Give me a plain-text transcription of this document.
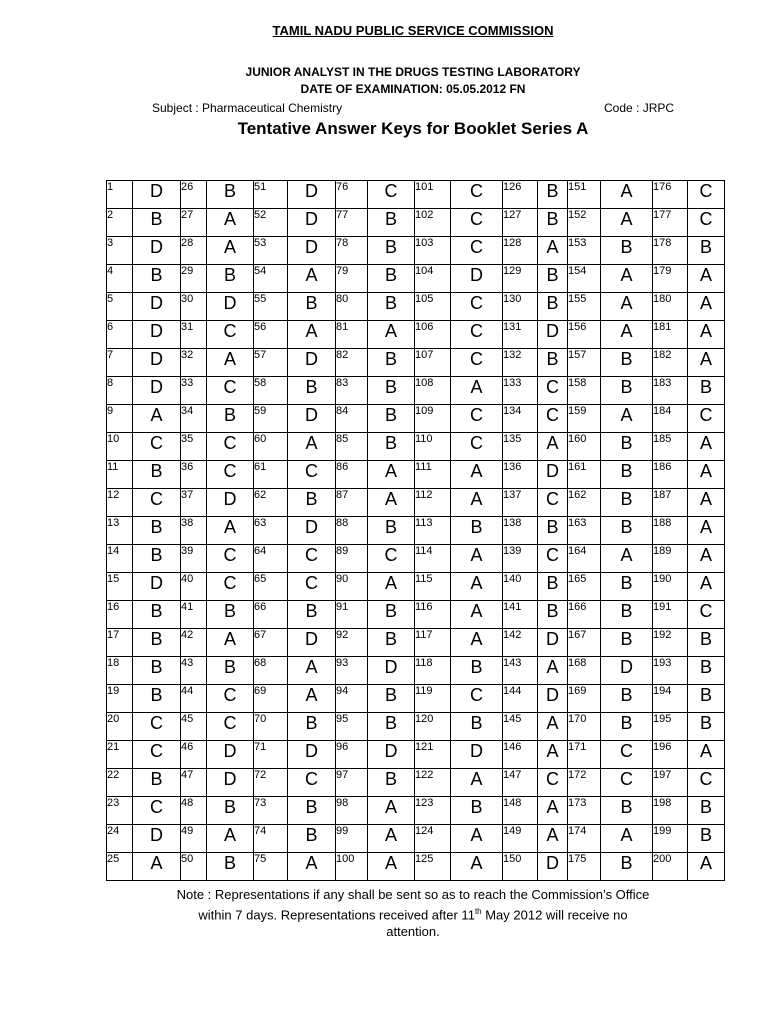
TAMIL NADU PUBLIC SERVICE COMMISSION
JUNIOR ANALYST IN THE DRUGS TESTING LABORATORY
DATE OF EXAMINATION: 05.05.2012 FN
Subject : Pharmaceutical Chemistry	Code : JRPC
Tentative Answer Keys for Booklet Series A
1	D	26	B	51	D	76	C	101	C	126	B	151	A	176	C
2	B	27	A	52	D	77	B	102	C	127	B	152	A	177	C
3	D	28	A	53	D	78	B	103	C	128	A	153	B	178	B
4	B	29	B	54	A	79	B	104	D	129	B	154	A	179	A
5	D	30	D	55	B	80	B	105	C	130	B	155	A	180	A
6	D	31	C	56	A	81	A	106	C	131	D	156	A	181	A
7	D	32	A	57	D	82	B	107	C	132	B	157	B	182	A
8	D	33	C	58	B	83	B	108	A	133	C	158	B	183	B
9	A	34	B	59	D	84	B	109	C	134	C	159	A	184	C
10	C	35	C	60	A	85	B	110	C	135	A	160	B	185	A
11	B	36	C	61	C	86	A	111	A	136	D	161	B	186	A
12	C	37	D	62	B	87	A	112	A	137	C	162	B	187	A
13	B	38	A	63	D	88	B	113	B	138	B	163	B	188	A
14	B	39	C	64	C	89	C	114	A	139	C	164	A	189	A
15	D	40	C	65	C	90	A	115	A	140	B	165	B	190	A
16	B	41	B	66	B	91	B	116	A	141	B	166	B	191	C
17	B	42	A	67	D	92	B	117	A	142	D	167	B	192	B
18	B	43	B	68	A	93	D	118	B	143	A	168	D	193	B
19	B	44	C	69	A	94	B	119	C	144	D	169	B	194	B
20	C	45	C	70	B	95	B	120	B	145	A	170	B	195	B
21	C	46	D	71	D	96	D	121	D	146	A	171	C	196	A
22	B	47	D	72	C	97	B	122	A	147	C	172	C	197	C
23	C	48	B	73	B	98	A	123	B	148	A	173	B	198	B
24	D	49	A	74	B	99	A	124	A	149	A	174	A	199	B
25	A	50	B	75	A	100	A	125	A	150	D	175	B	200	A
Note : Representations if any shall be sent so as to reach the Commission’s Office
within 7 days. Representations received after 11th May 2012 will receive no
attention.
